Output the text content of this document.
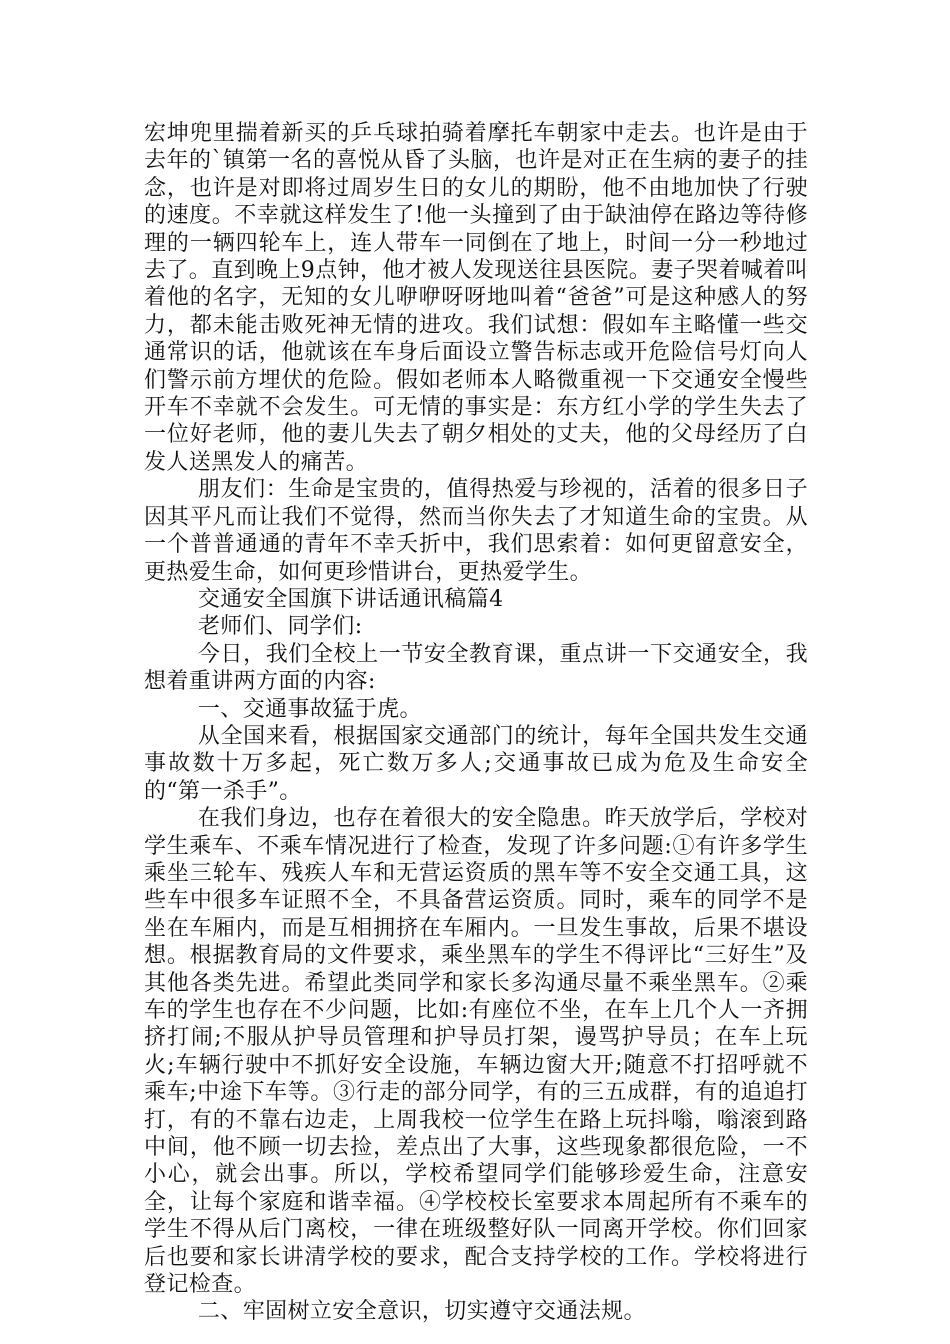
宏坤兜里揣着新买的乒乓球拍骑着摩托车朝家中走去。也许是由于去年的`镇第一名的喜悦从昏了头脑，也许是对正在生病的妻子的挂念，也许是对即将过周岁生日的女儿的期盼，他不由地加快了行驶的速度。不幸就这样发生了!他一头撞到了由于缺油停在路边等待修理的一辆四轮车上，连人带车一同倒在了地上，时间一分一秒地过去了。直到晚上9点钟，他才被人发现送往县医院。妻子哭着喊着叫着他的名字，无知的女儿咿咿呀呀地叫着“爸爸”可是这种感人的努力，都未能击败死神无情的进攻。我们试想：假如车主略懂一些交通常识的话，他就该在车身后面设立警告标志或开危险信号灯向人们警示前方埋伏的危险。假如老师本人略微重视一下交通安全慢些开车不幸就不会发生。可无情的事实是：东方红小学的学生失去了一位好老师，他的妻儿失去了朝夕相处的丈夫，他的父母经历了白发人送黑发人的痛苦。

朋友们：生命是宝贵的，值得热爱与珍视的，活着的很多日子因其平凡而让我们不觉得，然而当你失去了才知道生命的宝贵。从一个普普通通的青年不幸夭折中，我们思索着：如何更留意安全，更热爱生命，如何更珍惜讲台，更热爱学生。

交通安全国旗下讲话通讯稿篇4

老师们、同学们:

今日，我们全校上一节安全教育课，重点讲一下交通安全，我想着重讲两方面的内容:

一、交通事故猛于虎。

从全国来看，根据国家交通部门的统计，每年全国共发生交通事故数十万多起，死亡数万多人;交通事故已成为危及生命安全的“第一杀手”。

在我们身边，也存在着很大的安全隐患。昨天放学后，学校对学生乘车、不乘车情况进行了检查，发现了许多问题:①有许多学生乘坐三轮车、残疾人车和无营运资质的黑车等不安全交通工具，这些车中很多车证照不全，不具备营运资质。同时，乘车的同学不是坐在车厢内，而是互相拥挤在车厢内。一旦发生事故，后果不堪设想。根据教育局的文件要求，乘坐黑车的学生不得评比“三好生”及其他各类先进。希望此类同学和家长多沟通尽量不乘坐黑车。②乘车的学生也存在不少问题，比如:有座位不坐，在车上几个人一齐拥挤打闹;不服从护导员管理和护导员打架，谩骂护导员；在车上玩火;车辆行驶中不抓好安全设施，车辆边窗大开;随意不打招呼就不乘车;中途下车等。③行走的部分同学，有的三五成群，有的追追打打，有的不靠右边走，上周我校一位学生在路上玩抖嗡，嗡滚到路中间，他不顾一切去捡，差点出了大事，这些现象都很危险，一不小心，就会出事。所以，学校希望同学们能够珍爱生命，注意安全，让每个家庭和谐幸福。④学校校长室要求本周起所有不乘车的学生不得从后门离校，一律在班级整好队一同离开学校。你们回家后也要和家长讲清学校的要求，配合支持学校的工作。学校将进行登记检查。

二、牢固树立安全意识，切实遵守交通法规。
